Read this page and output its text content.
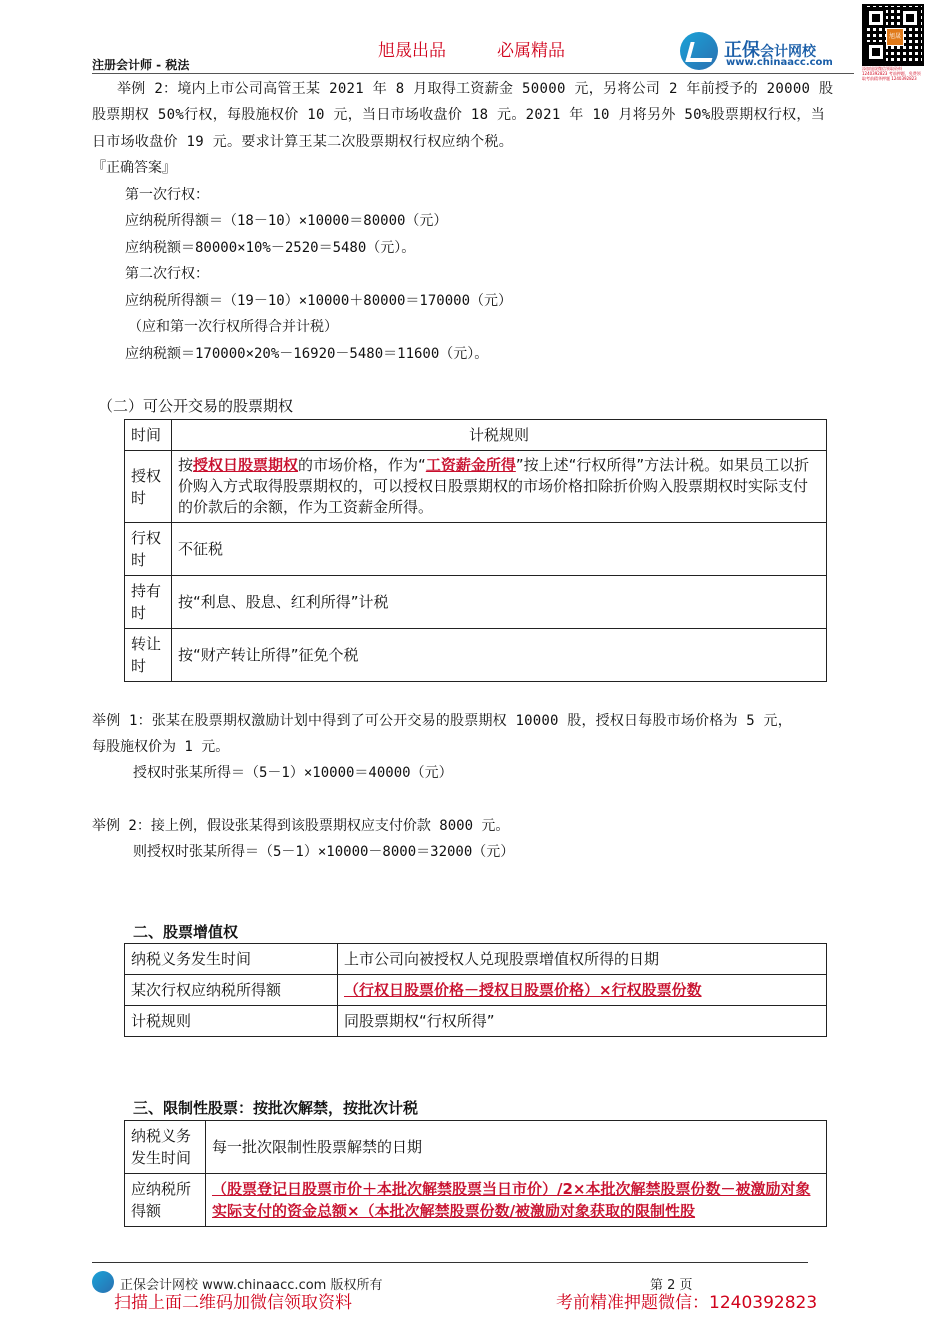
旭晟出品	必属精品
注册会计师 - 税法
正保会计网校
www.chinaacc.com
旭晟
添加旭晟微信领取资料 1240392823 考前押题，免费领取考前精华押题 1240392823
举例 2：境内上市公司高管王某 2021 年 8 月取得工资薪金 50000 元，另将公司 2 年前授予的 20000 股
股票期权 50%行权，每股施权价 10 元，当日市场收盘价 18 元。2021 年 10 月将另外 50%股票期权行权，当
日市场收盘价 19 元。要求计算王某二次股票期权行权应纳个税。
『正确答案』
第一次行权：
应纳税所得额＝（18－10）×10000＝80000（元）
应纳税额＝80000×10%－2520＝5480（元）。
第二次行权：
应纳税所得额＝（19－10）×10000＋80000＝170000（元）
（应和第一次行权所得合并计税）
应纳税额＝170000×20%－16920－5480＝11600（元）。
（二）可公开交易的股票期权
时间	计税规则
授权时	按授权日股票期权的市场价格，作为“工资薪金所得”按上述“行权所得”方法计税。如果员工以折价购入方式取得股票期权的，可以授权日股票期权的市场价格扣除折价购入股票期权时实际支付的价款后的余额，作为工资薪金所得。
行权时	不征税
持有时	按“利息、股息、红利所得”计税
转让时	按“财产转让所得”征免个税
举例 1：张某在股票期权激励计划中得到了可公开交易的股票期权 10000 股，授权日每股市场价格为 5 元，
每股施权价为 1 元。
授权时张某所得＝（5－1）×10000＝40000（元）
举例 2：接上例，假设张某得到该股票期权应支付价款 8000 元。
则授权时张某所得＝（5－1）×10000－8000＝32000（元）
二、股票增值权
纳税义务发生时间	上市公司向被授权人兑现股票增值权所得的日期
某次行权应纳税所得额	（行权日股票价格－授权日股票价格）×行权股票份数
计税规则	同股票期权“行权所得”
三、限制性股票：按批次解禁，按批次计税
纳税义务发生时间	每一批次限制性股票解禁的日期
应纳税所得额	（股票登记日股票市价＋本批次解禁股票当日市价）/2×本批次解禁股票份数－被激励对象实际支付的资金总额×（本批次解禁股票份数/被激励对象获取的限制性股
正保会计网校 www.chinaacc.com 版权所有	第 2 页
扫描上面二维码加微信领取资料	考前精准押题微信：1240392823
